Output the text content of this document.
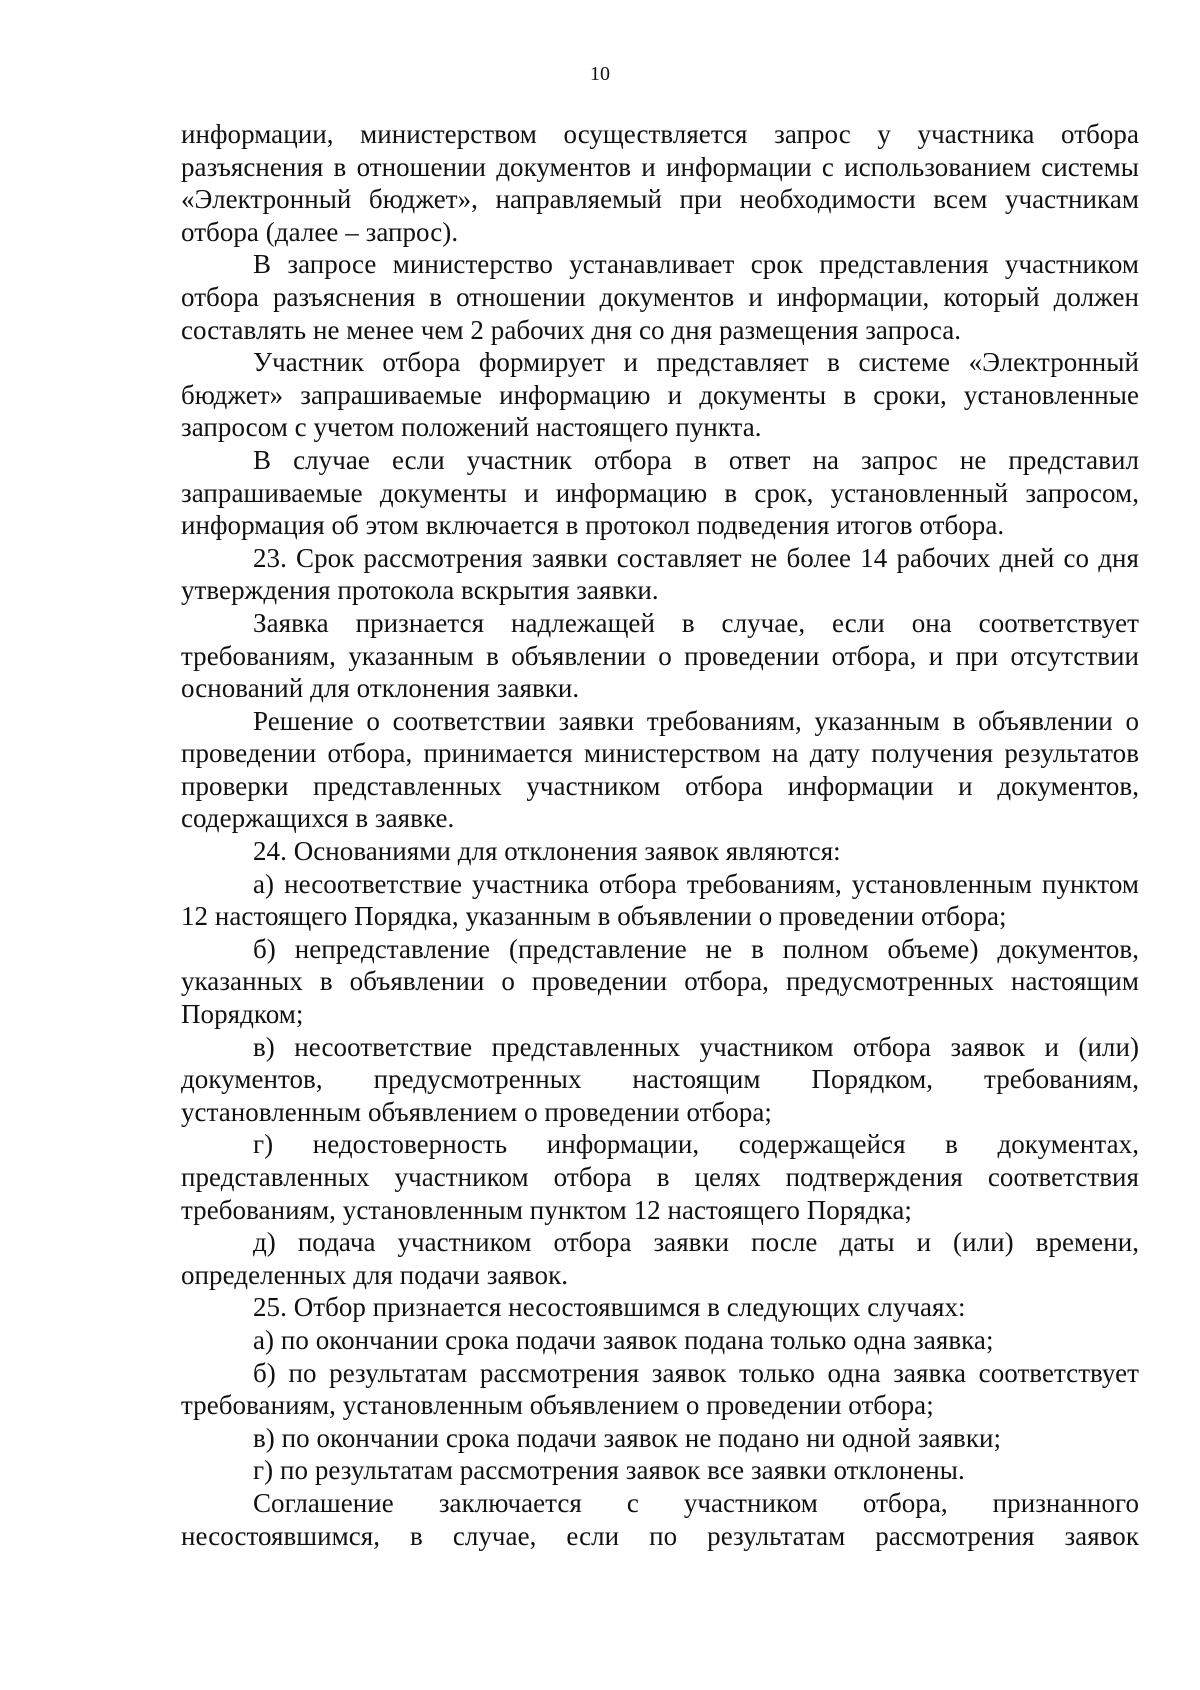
10

информации, министерством осуществляется запрос у участника отбора разъяснения в отношении документов и информации с использованием системы «Электронный бюджет», направляемый при необходимости всем участникам отбора (далее – запрос).

В запросе министерство устанавливает срок представления участником отбора разъяснения в отношении документов и информации, который должен составлять не менее чем 2 рабочих дня со дня размещения запроса.

Участник отбора формирует и представляет в системе «Электронный бюджет» запрашиваемые информацию и документы в сроки, установленные запросом с учетом положений настоящего пункта.

В случае если участник отбора в ответ на запрос не представил запрашиваемые документы и информацию в срок, установленный запросом, информация об этом включается в протокол подведения итогов отбора.

23. Срок рассмотрения заявки составляет не более 14 рабочих дней со дня утверждения протокола вскрытия заявки.

Заявка признается надлежащей в случае, если она соответствует требованиям, указанным в объявлении о проведении отбора, и при отсутствии оснований для отклонения заявки.

Решение о соответствии заявки требованиям, указанным в объявлении о проведении отбора, принимается министерством на дату получения результатов проверки представленных участником отбора информации и документов, содержащихся в заявке.

24. Основаниями для отклонения заявок являются:

а) несоответствие участника отбора требованиям, установленным пунктом 12 настоящего Порядка, указанным в объявлении о проведении отбора;

б) непредставление (представление не в полном объеме) документов, указанных в объявлении о проведении отбора, предусмотренных настоящим Порядком;

в) несоответствие представленных участником отбора заявок и (или) документов, предусмотренных настоящим Порядком, требованиям, установленным объявлением о проведении отбора;

г) недостоверность информации, содержащейся в документах, представленных участником отбора в целях подтверждения соответствия требованиям, установленным пунктом 12 настоящего Порядка;

д) подача участником отбора заявки после даты и (или) времени, определенных для подачи заявок.

25. Отбор признается несостоявшимся в следующих случаях:

а) по окончании срока подачи заявок подана только одна заявка;

б) по результатам рассмотрения заявок только одна заявка соответствует требованиям, установленным объявлением о проведении отбора;

в) по окончании срока подачи заявок не подано ни одной заявки;

г) по результатам рассмотрения заявок все заявки отклонены.

Соглашение заключается с участником отбора, признанного несостоявшимся, в случае, если по результатам рассмотрения заявок
